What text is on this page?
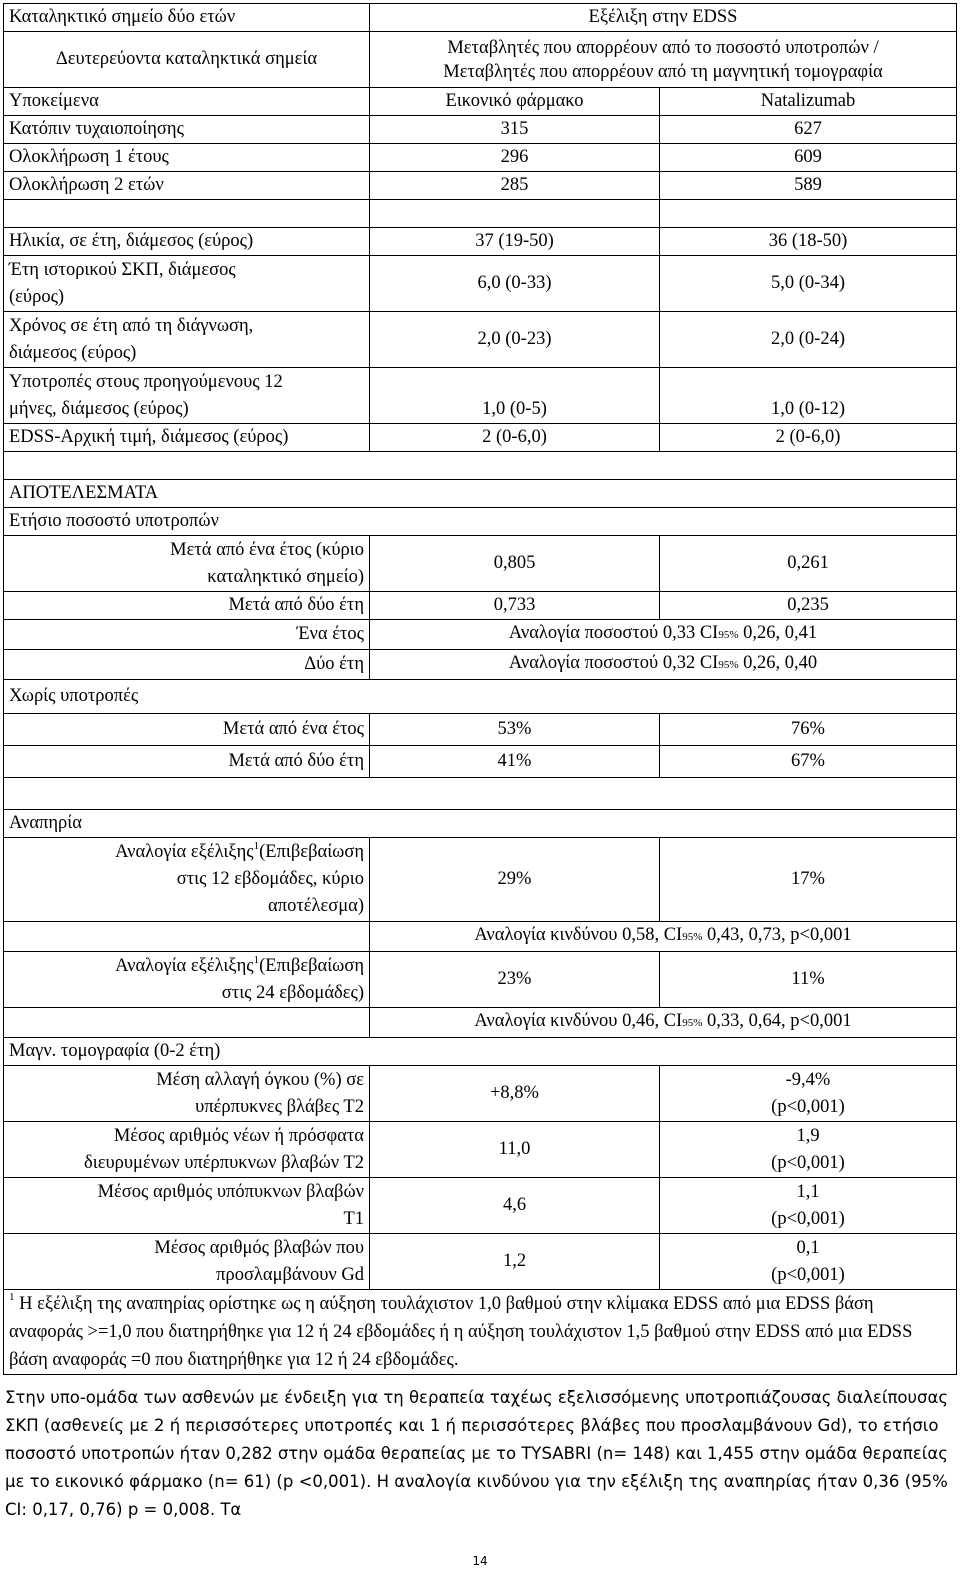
Καταληκτικό σημείο δύο ετών	Εξέλιξη στην EDSS	
Δευτερεύοντα καταληκτικά σημεία	Μεταβλητές που απορρέουν από το ποσοστό υποτροπών /
Μεταβλητές που απορρέουν από τη μαγνητική τομογραφία	
Υποκείμενα	Εικονικό φάρμακο	Natalizumab
Κατόπιν τυχαιοποίησης	315	627
Ολοκλήρωση 1 έτους	296	609
Ολοκλήρωση 2 ετών	285	589

Ηλικία, σε έτη, διάμεσος (εύρος)	37 (19-50)	36 (18-50)
Έτη ιστορικού ΣΚΠ, διάμεσος
(εύρος)	6,0 (0-33)	5,0 (0-34)
Χρόνος σε έτη από τη διάγνωση,
διάμεσος (εύρος)	2,0 (0-23)	2,0 (0-24)
Υποτροπές στους προηγούμενους 12
μήνες, διάμεσος (εύρος)	1,0 (0-5)	1,0 (0-12)
EDSS-Αρχική τιμή, διάμεσος (εύρος)	2 (0-6,0)	2 (0-6,0)

ΑΠΟΤΕΛΕΣΜΑΤΑ		
Ετήσιο ποσοστό υποτροπών		
Μετά από ένα έτος (κύριο
καταληκτικό σημείο)	0,805	0,261
Μετά από δύο έτη	0,733	0,235
Ένα έτος	Αναλογία ποσοστού 0,33 CI95% 0,26, 0,41	
Δύο έτη	Αναλογία ποσοστού 0,32 CI95% 0,26, 0,40	
Χωρίς υποτροπές		
Μετά από ένα έτος	53%	76%
Μετά από δύο έτη	41%	67%

Αναπηρία		
Αναλογία εξέλιξης$^1$(Επιβεβαίωση
στις 12 εβδομάδες, κύριο
αποτέλεσμα)	29%	17%
	Αναλογία κινδύνου 0,58, CI95% 0,43, 0,73, p<0,001	
Αναλογία εξέλιξης$^1$(Επιβεβαίωση
στις 24 εβδομάδες)	23%	11%
	Αναλογία κινδύνου 0,46, CI95% 0,33, 0,64, p<0,001	
Μαγν. τομογραφία (0-2 έτη)		
Μέση αλλαγή όγκου (%) σε
υπέρπυκνες βλάβες Τ2	+8,8%	-9,4%
(p<0,001)
Μέσος αριθμός νέων ή πρόσφατα
διευρυμένων υπέρπυκνων βλαβών Τ2	11,0	1,9
(p<0,001)
Μέσος αριθμός υπόπυκνων βλαβών
Τ1	4,6	1,1
(p<0,001)
Μέσος αριθμός βλαβών που
προσλαμβάνουν Gd	1,2	0,1
(p<0,001)
$^1$ Η εξέλιξη της αναπηρίας ορίστηκε ως η αύξηση τουλάχιστον 1,0 βαθμού στην κλίμακα EDSS από μια EDSS βάση αναφοράς >=1,0 που διατηρήθηκε για 12 ή 24 εβδομάδες ή η αύξηση τουλάχιστον 1,5 βαθμού στην EDSS από μια EDSS βάση αναφοράς =0 που διατηρήθηκε για 12 ή 24 εβδομάδες.		
Στην υπο-ομάδα των ασθενών με ένδειξη για τη θεραπεία ταχέως εξελισσόμενης υποτροπιάζουσας διαλείπουσας ΣΚΠ (ασθενείς με 2 ή περισσότερες υποτροπές και 1 ή περισσότερες βλάβες που προσλαμβάνουν Gd), το ετήσιο ποσοστό υποτροπών ήταν 0,282 στην ομάδα θεραπείας με το TYSABRI (n= 148) και 1,455 στην ομάδα θεραπείας με το εικονικό φάρμακο (n= 61) (p <0,001). Η αναλογία κινδύνου για την εξέλιξη της αναπηρίας ήταν 0,36 (95% CI: 0,17, 0,76) p = 0,008. Τα
14
